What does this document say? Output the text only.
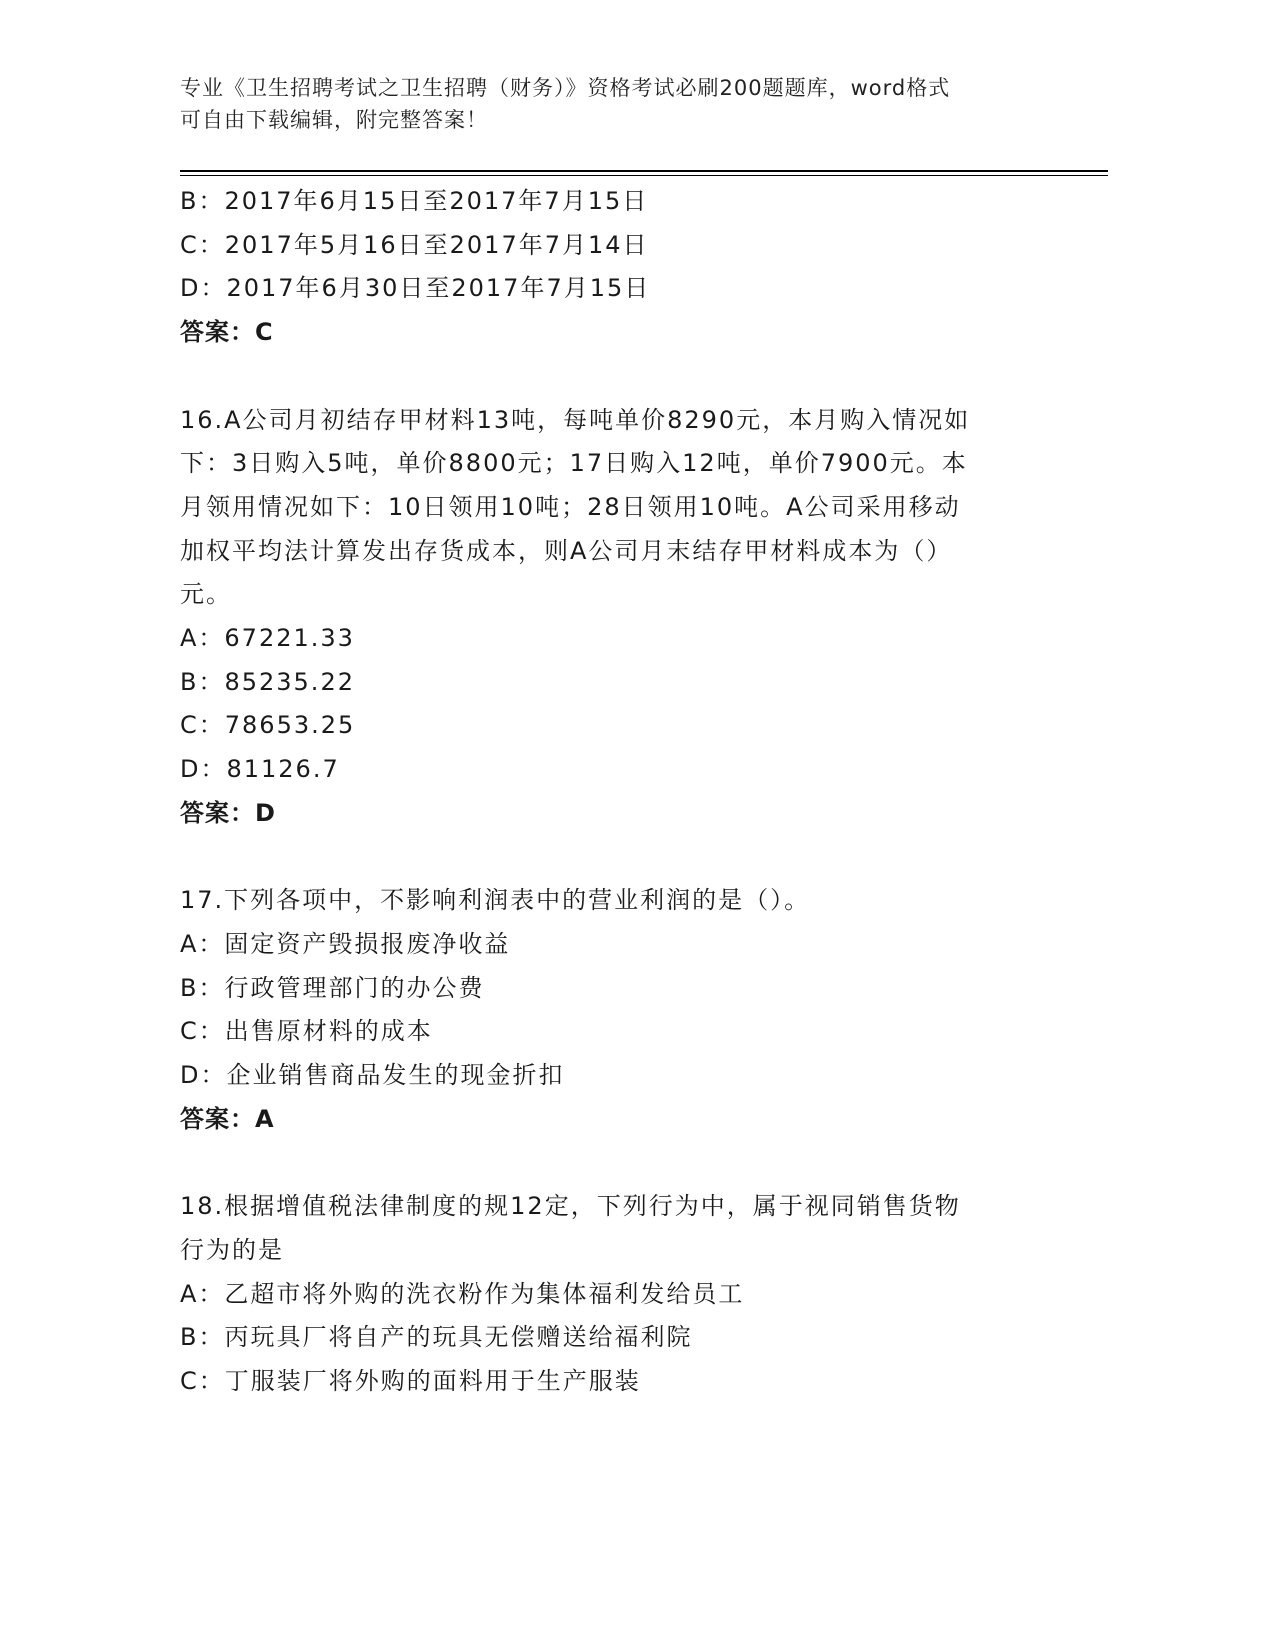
专业《卫生招聘考试之卫生招聘（财务）》资格考试必刷200题题库，word格式
可自由下载编辑，附完整答案！
B：2017年6月15日至2017年7月15日
C：2017年5月16日至2017年7月14日
D：2017年6月30日至2017年7月15日
答案：C
16.A公司月初结存甲材料13吨，每吨单价8290元，本月购入情况如
下：3日购入5吨，单价8800元；17日购入12吨，单价7900元。本
月领用情况如下：10日领用10吨；28日领用10吨。A公司采用移动
加权平均法计算发出存货成本，则A公司月末结存甲材料成本为（）
元。
A：67221.33
B：85235.22
C：78653.25
D：81126.7
答案：D
17.下列各项中，不影响利润表中的营业利润的是（）。
A：固定资产毁损报废净收益
B：行政管理部门的办公费
C：出售原材料的成本
D：企业销售商品发生的现金折扣
答案：A
18.根据增值税法律制度的规12定，下列行为中，属于视同销售货物
行为的是
A：乙超市将外购的洗衣粉作为集体福利发给员工
B：丙玩具厂将自产的玩具无偿赠送给福利院
C：丁服装厂将外购的面料用于生产服装
